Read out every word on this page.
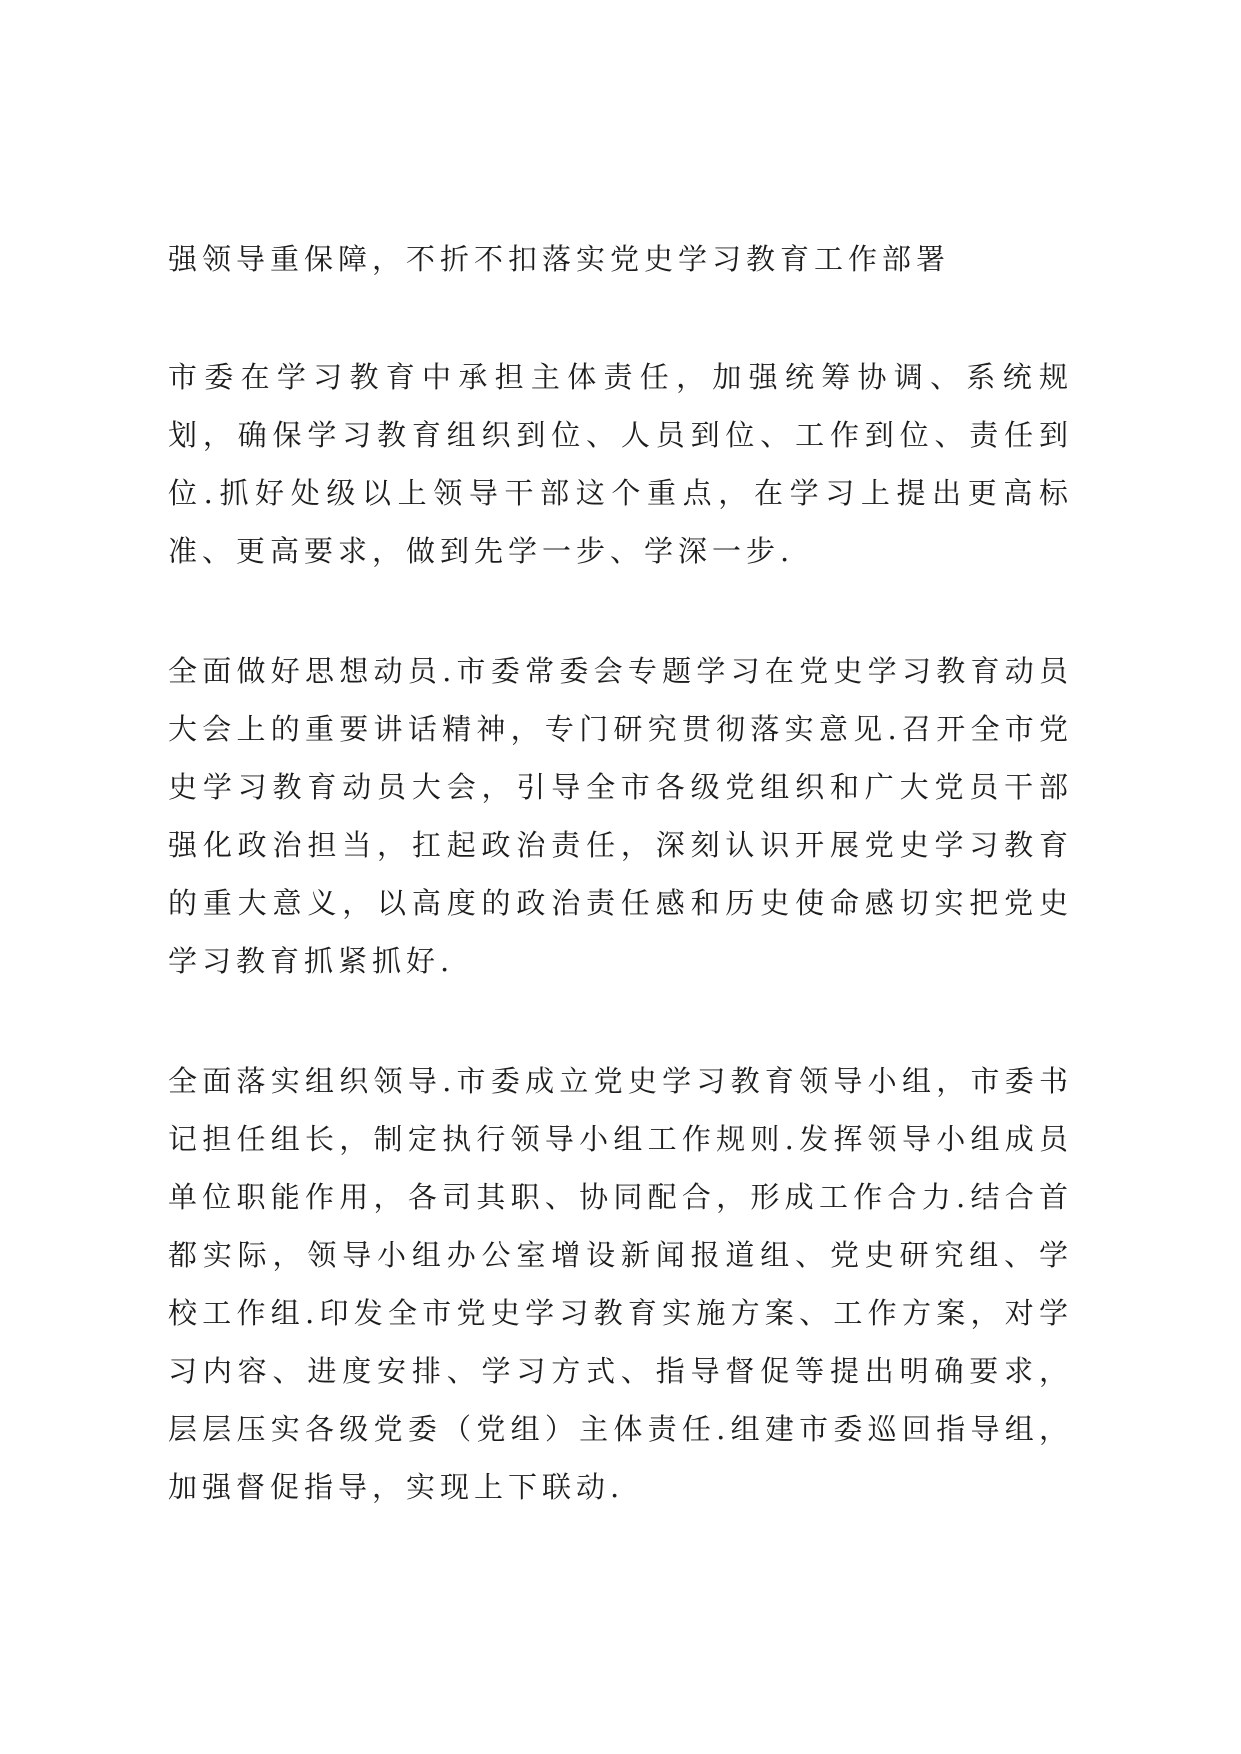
强领导重保障，不折不扣落实党史学习教育工作部署

市委在学习教育中承担主体责任，加强统筹协调、系统规划，确保学习教育组织到位、人员到位、工作到位、责任到位.抓好处级以上领导干部这个重点，在学习上提出更高标准、更高要求，做到先学一步、学深一步.

全面做好思想动员.市委常委会专题学习在党史学习教育动员大会上的重要讲话精神，专门研究贯彻落实意见.召开全市党史学习教育动员大会，引导全市各级党组织和广大党员干部强化政治担当，扛起政治责任，深刻认识开展党史学习教育的重大意义，以高度的政治责任感和历史使命感切实把党史学习教育抓紧抓好.

全面落实组织领导.市委成立党史学习教育领导小组，市委书记担任组长，制定执行领导小组工作规则.发挥领导小组成员单位职能作用，各司其职、协同配合，形成工作合力.结合首都实际，领导小组办公室增设新闻报道组、党史研究组、学校工作组.印发全市党史学习教育实施方案、工作方案，对学习内容、进度安排、学习方式、指导督促等提出明确要求，层层压实各级党委（党组）主体责任.组建市委巡回指导组，加强督促指导，实现上下联动.
